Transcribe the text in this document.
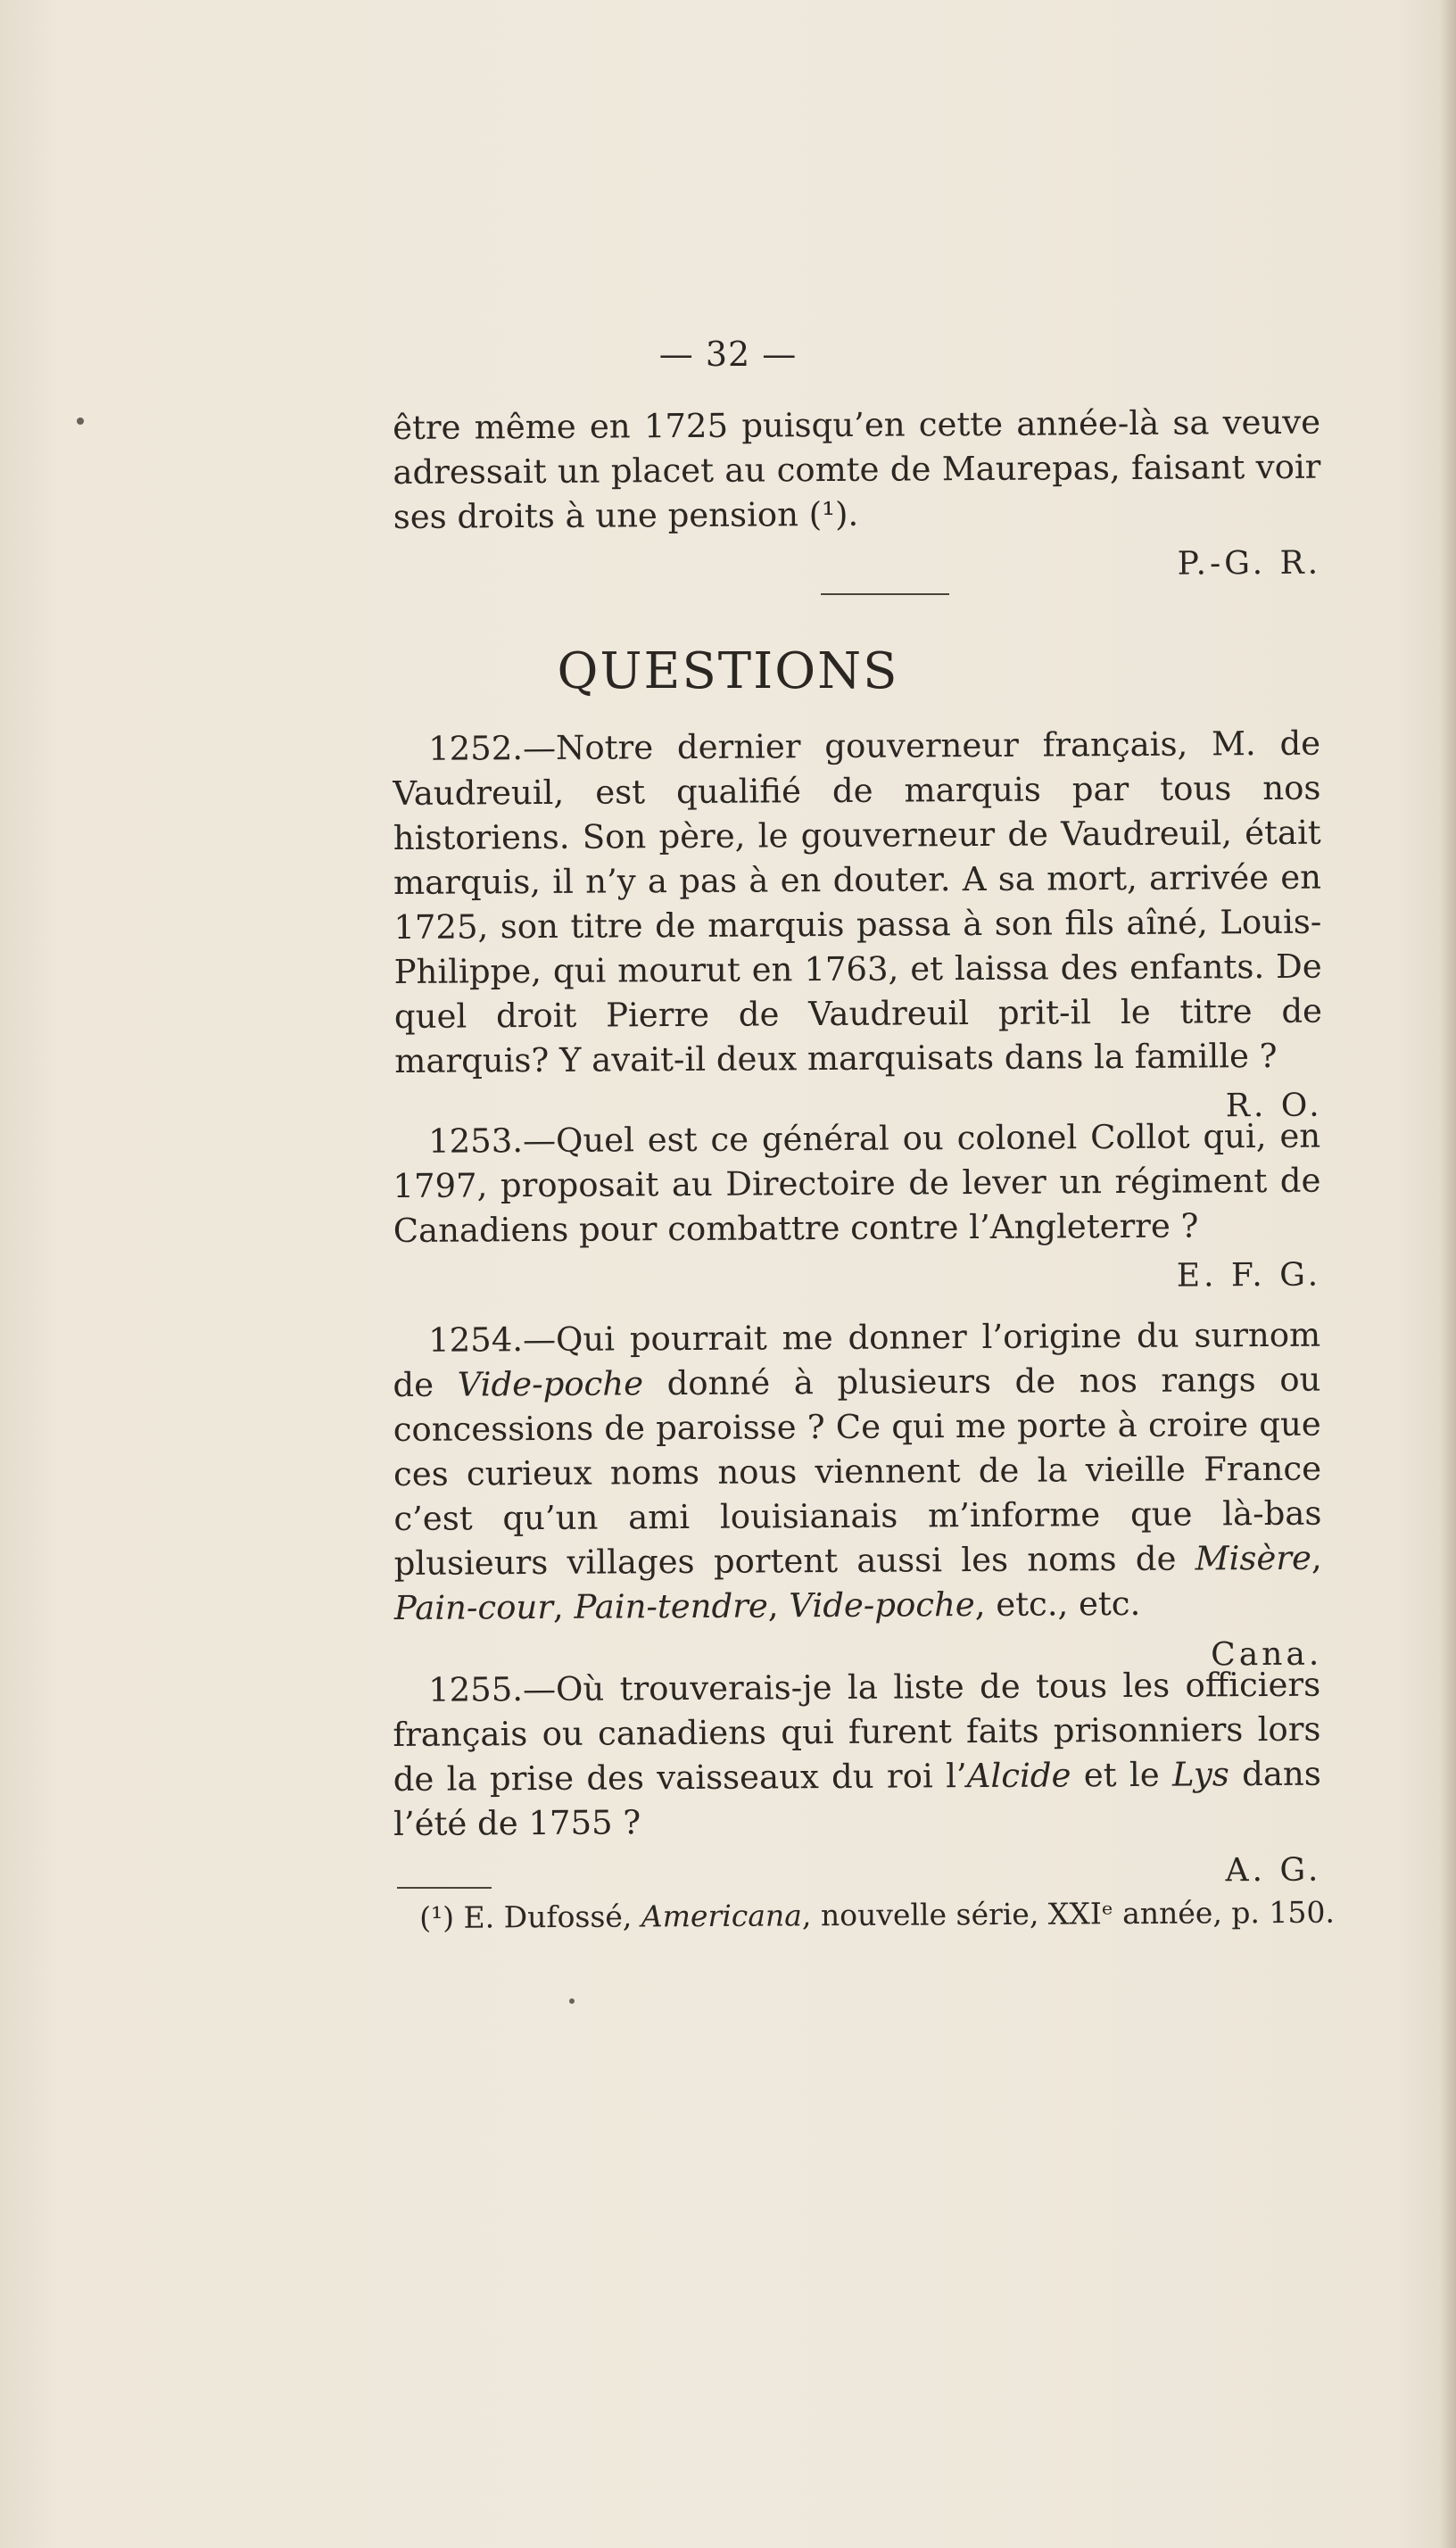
— 32 —

être même en 1725 puisqu’en cette année-là sa veuve adressait un placet au comte de Maurepas, faisant voir ses droits à une pension (¹).

P.-G. R.

QUESTIONS

1252.—Notre dernier gouverneur français, M. de Vaudreuil, est qualifié de marquis par tous nos historiens. Son père, le gouverneur de Vaudreuil, était marquis, il n’y a pas à en douter. A sa mort, arrivée en 1725, son titre de marquis passa à son fils aîné, Louis-Philippe, qui mourut en 1763, et laissa des enfants. De quel droit Pierre de Vaudreuil prit-il le titre de marquis? Y avait-il deux marquisats dans la famille ?

R. O.

1253.—Quel est ce général ou colonel Collot qui, en 1797, proposait au Directoire de lever un régiment de Canadiens pour combattre contre l’Angleterre ?

E. F. G.

1254.—Qui pourrait me donner l’origine du surnom de Vide-poche donné à plusieurs de nos rangs ou concessions de paroisse ? Ce qui me porte à croire que ces curieux noms nous viennent de la vieille France c’est qu’un ami louisianais m’informe que là-bas plusieurs villages portent aussi les noms de Misère, Pain-cour, Pain-tendre, Vide-poche, etc., etc.

Cana.

1255.—Où trouverais-je la liste de tous les officiers français ou canadiens qui furent faits prisonniers lors de la prise des vaisseaux du roi l’Alcide et le Lys dans l’été de 1755 ?

A. G.

(¹) E. Dufossé, Americana, nouvelle série, XXIᵉ année, p. 150.
